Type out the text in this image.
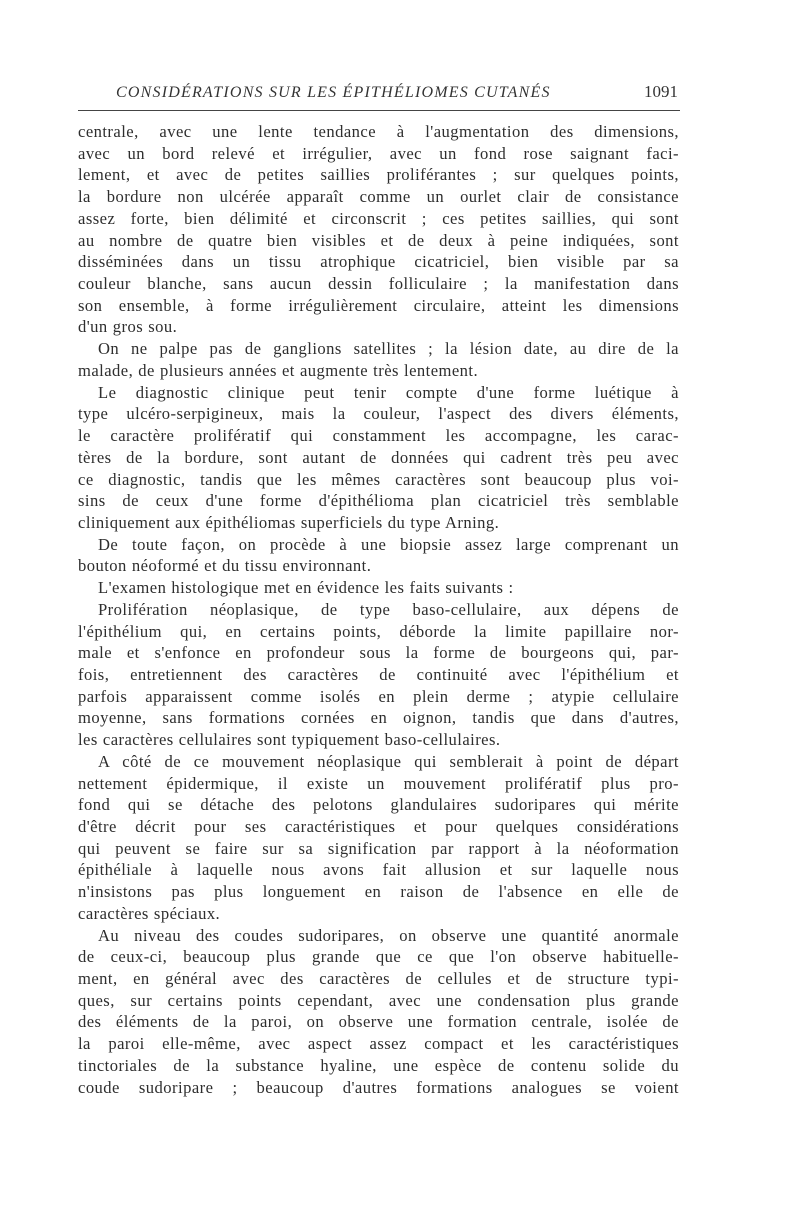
CONSIDÉRATIONS SUR LES ÉPITHÉLIOMES CUTANÉS	1091
centrale, avec une lente tendance à l'augmentation des dimensions,
avec un bord relevé et irrégulier, avec un fond rose saignant faci-
lement, et avec de petites saillies proliférantes ; sur quelques points,
la bordure non ulcérée apparaît comme un ourlet clair de consistance
assez forte, bien délimité et circonscrit ; ces petites saillies, qui sont
au nombre de quatre bien visibles et de deux à peine indiquées, sont
disséminées dans un tissu atrophique cicatriciel, bien visible par sa
couleur blanche, sans aucun dessin folliculaire ; la manifestation dans
son ensemble, à forme irrégulièrement circulaire, atteint les dimensions
d'un gros sou.
On ne palpe pas de ganglions satellites ; la lésion date, au dire de la
malade, de plusieurs années et augmente très lentement.
Le diagnostic clinique peut tenir compte d'une forme luétique à
type ulcéro-serpigineux, mais la couleur, l'aspect des divers éléments,
le caractère prolifératif qui constamment les accompagne, les carac-
tères de la bordure, sont autant de données qui cadrent très peu avec
ce diagnostic, tandis que les mêmes caractères sont beaucoup plus voi-
sins de ceux d'une forme d'épithélioma plan cicatriciel très semblable
cliniquement aux épithéliomas superficiels du type Arning.
De toute façon, on procède à une biopsie assez large comprenant un
bouton néoformé et du tissu environnant.
L'examen histologique met en évidence les faits suivants :
Prolifération néoplasique, de type baso-cellulaire, aux dépens de
l'épithélium qui, en certains points, déborde la limite papillaire nor-
male et s'enfonce en profondeur sous la forme de bourgeons qui, par-
fois, entretiennent des caractères de continuité avec l'épithélium et
parfois apparaissent comme isolés en plein derme ; atypie cellulaire
moyenne, sans formations cornées en oignon, tandis que dans d'autres,
les caractères cellulaires sont typiquement baso-cellulaires.
A côté de ce mouvement néoplasique qui semblerait à point de départ
nettement épidermique, il existe un mouvement prolifératif plus pro-
fond qui se détache des pelotons glandulaires sudoripares qui mérite
d'être décrit pour ses caractéristiques et pour quelques considérations
qui peuvent se faire sur sa signification par rapport à la néoformation
épithéliale à laquelle nous avons fait allusion et sur laquelle nous
n'insistons pas plus longuement en raison de l'absence en elle de
caractères spéciaux.
Au niveau des coudes sudoripares, on observe une quantité anormale
de ceux-ci, beaucoup plus grande que ce que l'on observe habituelle-
ment, en général avec des caractères de cellules et de structure typi-
ques, sur certains points cependant, avec une condensation plus grande
des éléments de la paroi, on observe une formation centrale, isolée de
la paroi elle-même, avec aspect assez compact et les caractéristiques
tinctoriales de la substance hyaline, une espèce de contenu solide du
coude sudoripare ; beaucoup d'autres formations analogues se voient
